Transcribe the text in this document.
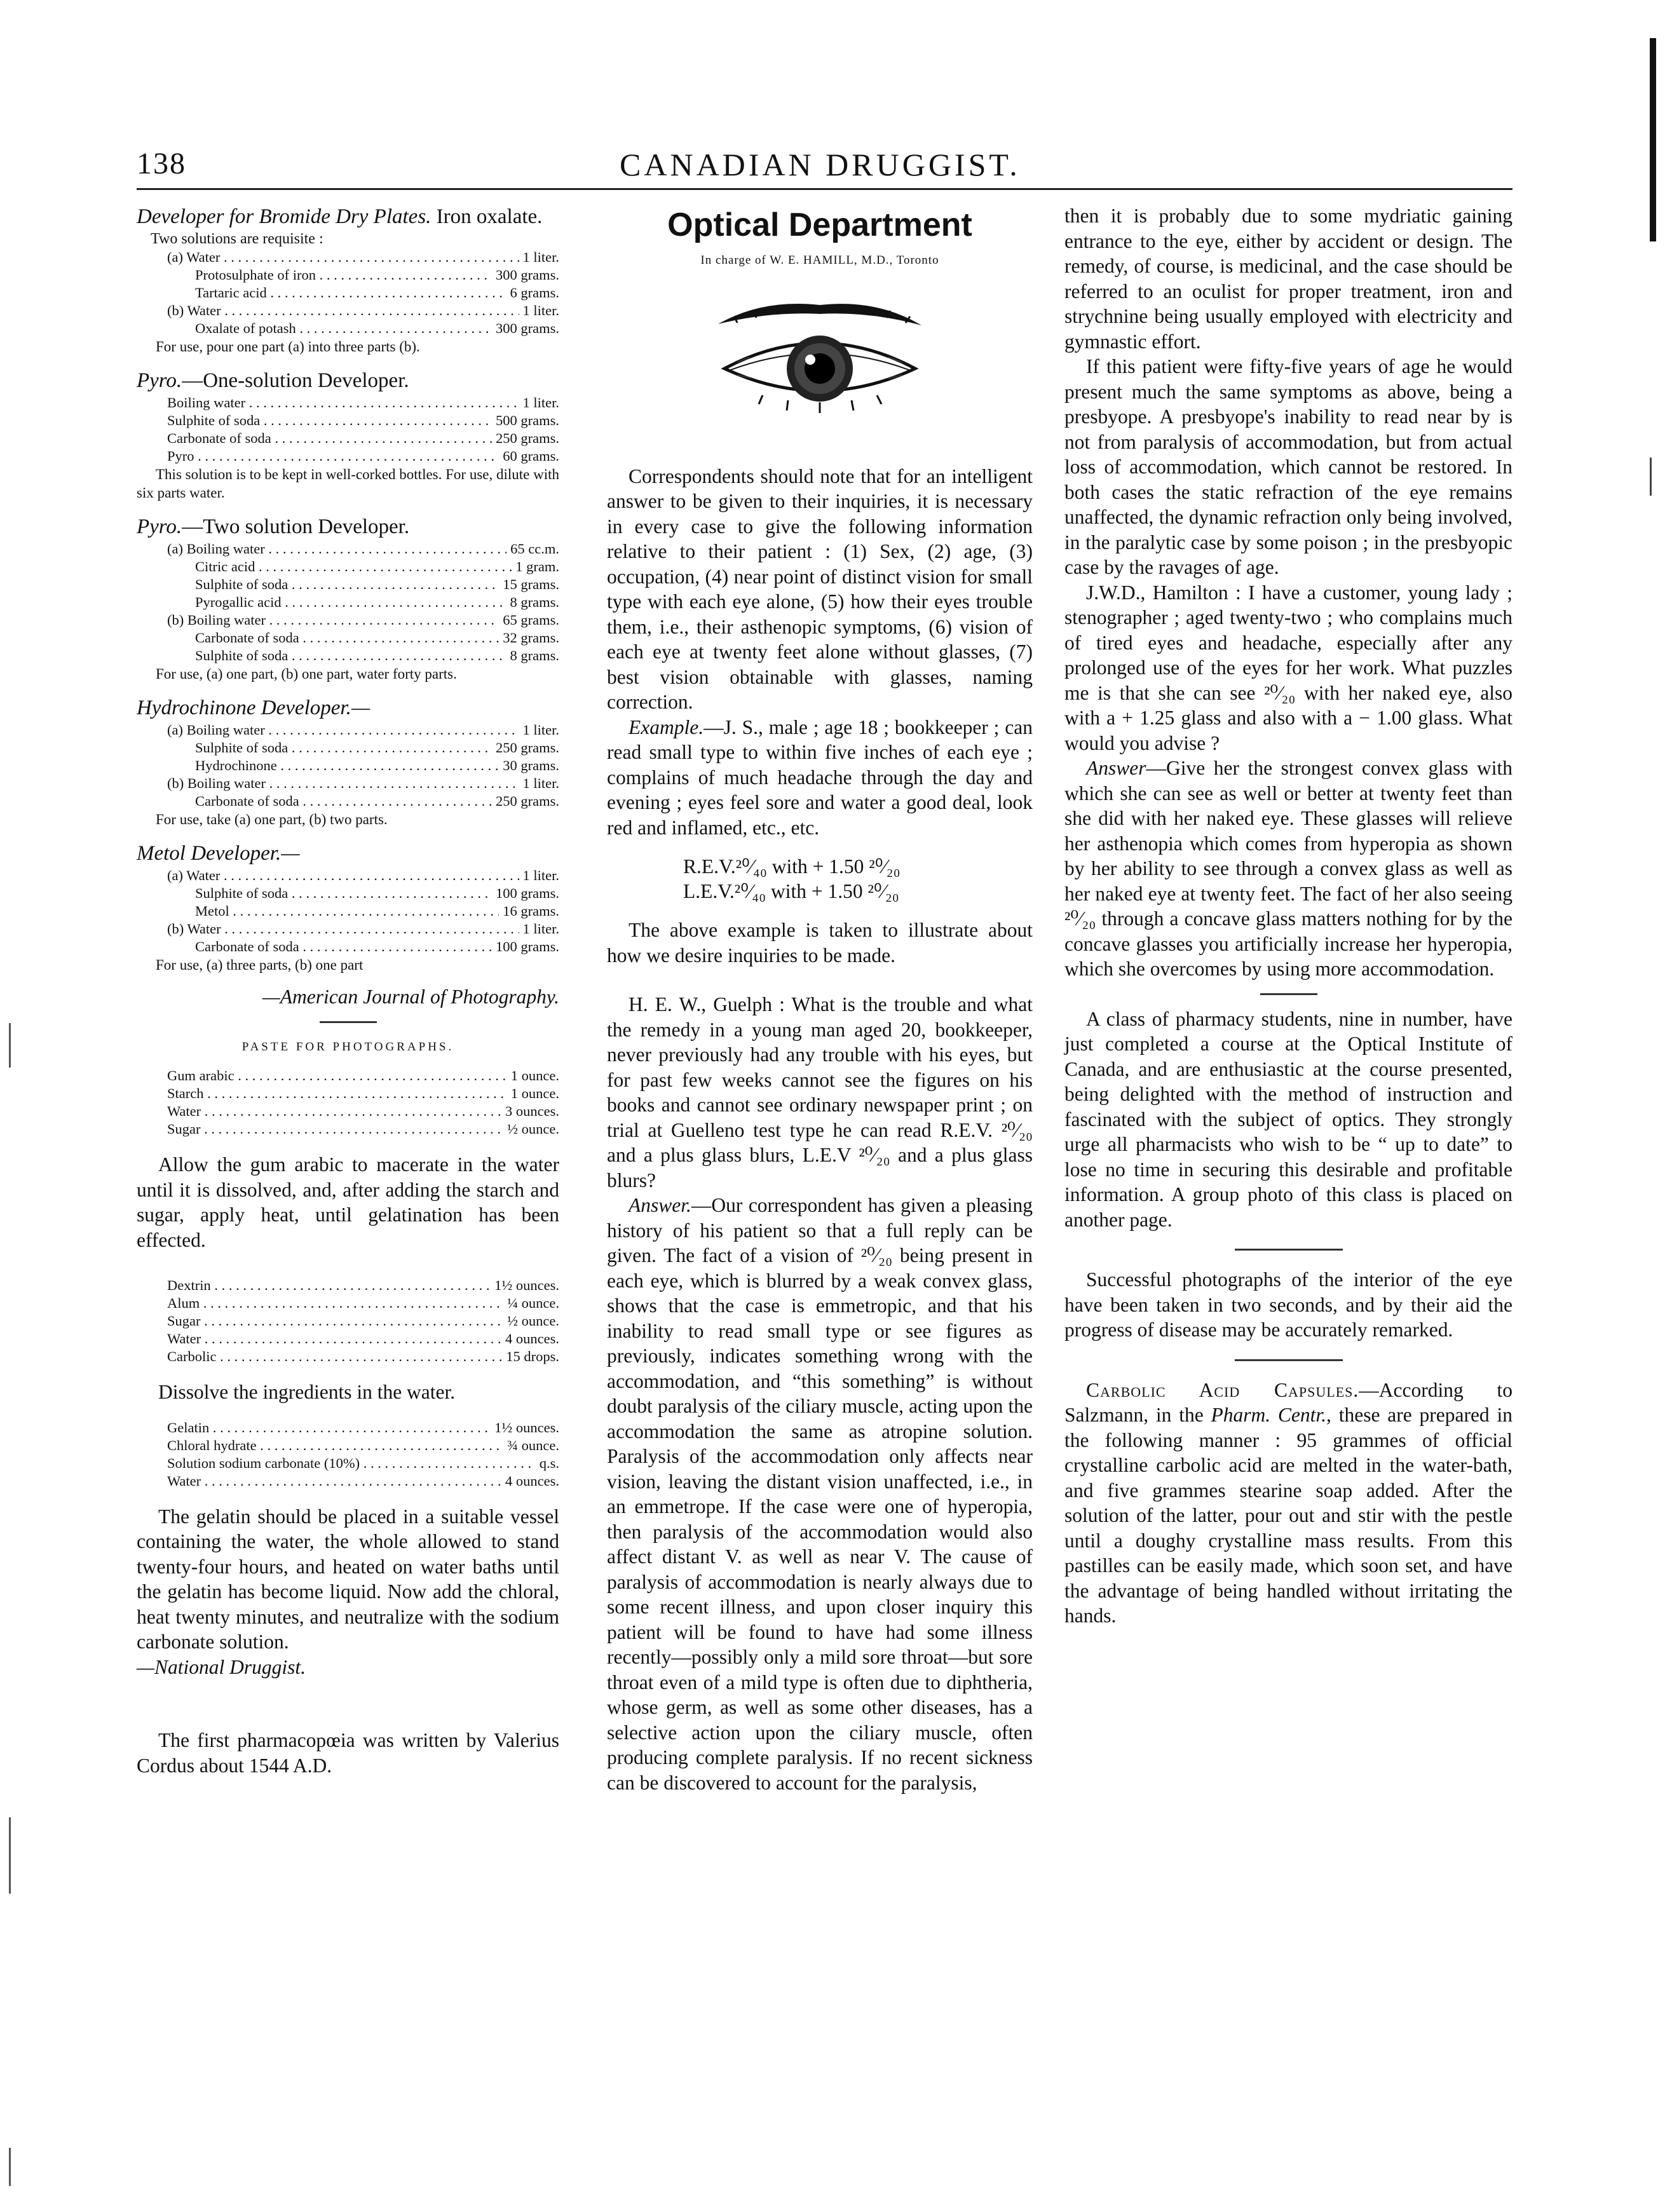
138	CANADIAN DRUGGIST.
Developer for Bromide Dry Plates. Iron oxalate.
Two solutions are requisite :
(a) Water . . .	1 liter.
Protosulphate of iron . . .	300 grams.
Tartaric acid . . .	6 grams.
(b) Water . . .	1 liter.
Oxalate of potash . . .	300 grams.
For use, pour one part (a) into three parts (b).
Pyro.—One-solution Developer.
Boiling water . . .	1 liter.
Sulphite of soda . . .	500 grams.
Carbonate of soda . . .	250 grams.
Pyro . . .	60 grams.
This solution is to be kept in well-corked bottles. For use, dilute with six parts water.
Pyro.—Two solution Developer.
(a) Boiling water . . .	65 cc.m.
Citric acid . . .	1 gram.
Sulphite of soda . . .	15 grams.
Pyrogallic acid . . .	8 grams.
(b) Boiling water . . .	65 grams.
Carbonate of soda . . .	32 grams.
Sulphite of soda . . .	8 grams.
For use, (a) one part, (b) one part, water forty parts.
Hydrochinone Developer.—
(a) Boiling water . . .	1 liter.
Sulphite of soda . . .	250 grams.
Hydrochinone . . .	30 grams.
(b) Boiling water . . .	1 liter.
Carbonate of soda . . .	250 grams.
For use, take (a) one part, (b) two parts.
Metol Developer.—
(a) Water . . .	1 liter.
Sulphite of soda . . .	100 grams.
Metol . . .	16 grams.
(b) Water . . .	1 liter.
Carbonate of soda . . .	100 grams.
For use, (a) three parts, (b) one part
—American Journal of Photography.
PASTE FOR PHOTOGRAPHS.
Gum arabic . . .	1 ounce.
Starch . . .	1 ounce.
Water . . .	3 ounces.
Sugar . . .	½ ounce.

Allow the gum arabic to macerate in the water until it is dissolved, and, after adding the starch and sugar, apply heat, until gelatination has been effected.

Dextrin . . .	1½ ounces.
Alum . . .	¼ ounce.
Sugar . . .	½ ounce.
Water . . .	4 ounces.
Carbolic . . .	15 drops.

Dissolve the ingredients in the water.

Gelatin . . .	1½ ounces.
Chloral hydrate . . .	¾ ounce.
Solution sodium carbonate (10%) . . .	q.s.
Water . . .	4 ounces.

The gelatin should be placed in a suitable vessel containing the water, the whole allowed to stand twenty-four hours, and heated on water baths until the gelatin has become liquid. Now add the chloral, heat twenty minutes, and neutralize with the sodium carbonate solution.
—National Druggist.

The first pharmacopœia was written by Valerius Cordus about 1544 A.D.

Optical Department
In charge of W. E. HAMILL, M.D., Toronto

Correspondents should note that for an intelligent answer to be given to their inquiries, it is necessary in every case to give the following information relative to their patient : (1) Sex, (2) age, (3) occupation, (4) near point of distinct vision for small type with each eye alone, (5) how their eyes trouble them, i.e., their asthenopic symptoms, (6) vision of each eye at twenty feet alone without glasses, (7) best vision obtainable with glasses, naming correction.

Example.—J. S., male ; age 18 ; bookkeeper ; can read small type to within five inches of each eye ; complains of much headache through the day and evening ; eyes feel sore and water a good deal, look red and inflamed, etc., etc.

R.E.V.²⁰⁄₄₀ with + 1.50 ²⁰⁄₂₀
L.E.V.²⁰⁄₄₀ with + 1.50 ²⁰⁄₂₀

The above example is taken to illustrate about how we desire inquiries to be made.

H. E. W., Guelph : What is the trouble and what the remedy in a young man aged 20, bookkeeper, never previously had any trouble with his eyes, but for past few weeks cannot see the figures on his books and cannot see ordinary newspaper print ; on trial at Guelleno test type he can read R.E.V. ²⁰⁄₂₀ and a plus glass blurs, L.E.V ²⁰⁄₂₀ and a plus glass blurs?

Answer.—Our correspondent has given a pleasing history of his patient so that a full reply can be given. The fact of a vision of ²⁰⁄₂₀ being present in each eye, which is blurred by a weak convex glass, shows that the case is emmetropic, and that his inability to read small type or see figures as previously, indicates something wrong with the accommodation, and “this something” is without doubt paralysis of the ciliary muscle, acting upon the accommodation the same as atropine solution. Paralysis of the accommodation only affects near vision, leaving the distant vision unaffected, i.e., in an emmetrope. If the case were one of hyperopia, then paralysis of the accommodation would also affect distant V. as well as near V. The cause of paralysis of accommodation is nearly always due to some recent illness, and upon closer inquiry this patient will be found to have had some illness recently—possibly only a mild sore throat—but sore throat even of a mild type is often due to diphtheria, whose germ, as well as some other diseases, has a selective action upon the ciliary muscle, often producing complete paralysis. If no recent sickness can be discovered to account for the paralysis,

then it is probably due to some mydriatic gaining entrance to the eye, either by accident or design. The remedy, of course, is medicinal, and the case should be referred to an oculist for proper treatment, iron and strychnine being usually employed with electricity and gymnastic effort.

If this patient were fifty-five years of age he would present much the same symptoms as above, being a presbyope. A presbyope's inability to read near by is not from paralysis of accommodation, but from actual loss of accommodation, which cannot be restored. In both cases the static refraction of the eye remains unaffected, the dynamic refraction only being involved, in the paralytic case by some poison ; in the presbyopic case by the ravages of age.

J.W.D., Hamilton : I have a customer, young lady ; stenographer ; aged twenty-two ; who complains much of tired eyes and headache, especially after any prolonged use of the eyes for her work. What puzzles me is that she can see ²⁰⁄₂₀ with her naked eye, also with a + 1.25 glass and also with a − 1.00 glass. What would you advise ?

Answer—Give her the strongest convex glass with which she can see as well or better at twenty feet than she did with her naked eye. These glasses will relieve her asthenopia which comes from hyperopia as shown by her ability to see through a convex glass as well as her naked eye at twenty feet. The fact of her also seeing ²⁰⁄₂₀ through a concave glass matters nothing for by the concave glasses you artificially increase her hyperopia, which she overcomes by using more accommodation.

A class of pharmacy students, nine in number, have just completed a course at the Optical Institute of Canada, and are enthusiastic at the course presented, being delighted with the method of instruction and fascinated with the subject of optics. They strongly urge all pharmacists who wish to be “ up to date” to lose no time in securing this desirable and profitable information. A group photo of this class is placed on another page.

Successful photographs of the interior of the eye have been taken in two seconds, and by their aid the progress of disease may be accurately remarked.

Carbolic Acid Capsules.—According to Salzmann, in the Pharm. Centr., these are prepared in the following manner : 95 grammes of official crystalline carbolic acid are melted in the water-bath, and five grammes stearine soap added. After the solution of the latter, pour out and stir with the pestle until a doughy crystalline mass results. From this pastilles can be easily made, which soon set, and have the advantage of being handled without irritating the hands.
